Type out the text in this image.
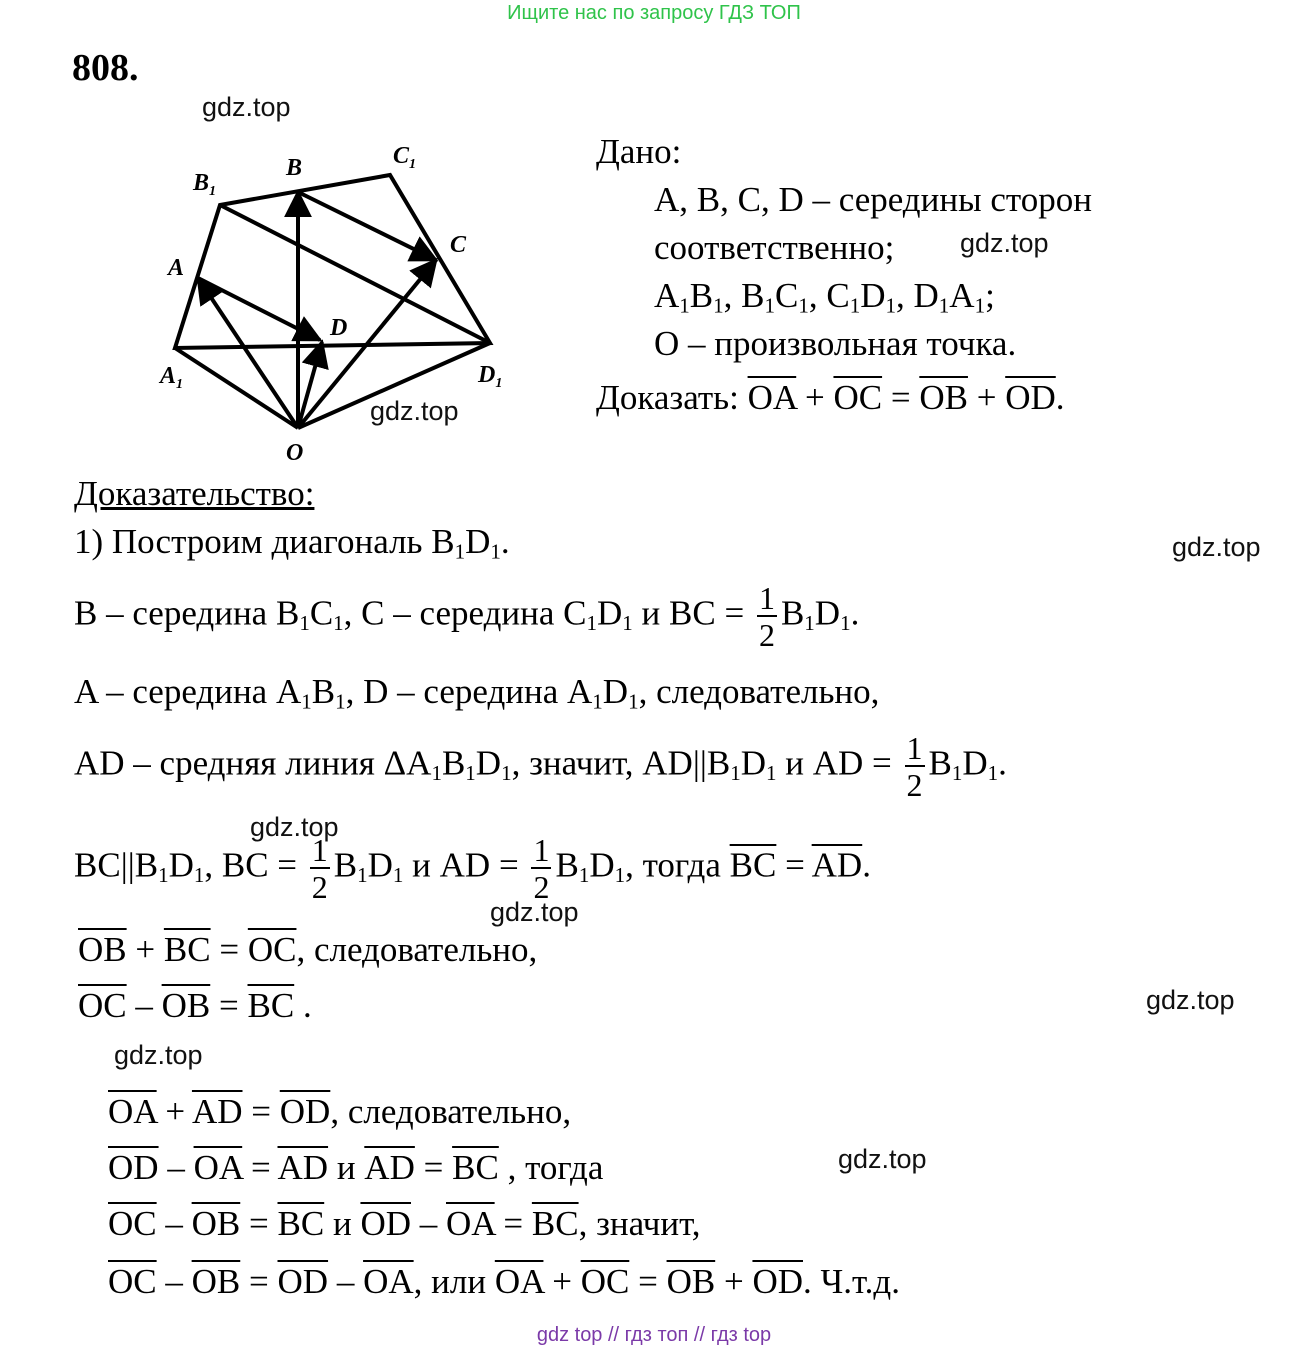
Ищите нас по запросу ГДЗ ТОП
808.
gdz.top
gdz.top
gdz.top
gdz.top
gdz.top
gdz.top
gdz.top
gdz.top
gdz.top
$B_1$
B	$C_1$
C
A
D
$A_1$	$D_1$
O
Дано:
A, B, C, D – середины сторон
соответственно;
$A_1B_1$, $B_1C_1$, $C_1D_1$, $D_1A_1$;
O – произвольная точка.
Доказать: $\overline{OA} + \overline{OC} = \overline{OB} + \overline{OD}$.
Доказательство:
1) Построим диагональ $B_1D_1$.
B – середина $B_1C_1$, C – середина $C_1D_1$ и BC = $\frac{1}{2} B_1D_1$.
A – середина $A_1B_1$, D – середина $A_1D_1$, следовательно,
AD – средняя линия $\Delta A_1B_1D_1$, значит, $AD||B_1D_1$ и AD = $\frac{1}{2} B_1D_1$.
$BC||B_1D_1$, BC = $\frac{1}{2} B_1D_1$ и AD = $\frac{1}{2} B_1D_1$, тогда $\overline{BC} = \overline{AD}$.
$\overline{OB} + \overline{BC} = \overline{OC}$, следовательно,
$\overline{OC} - \overline{OB} = \overline{BC}$ .
$\overline{OA} + \overline{AD} = \overline{OD}$, следовательно,
$\overline{OD} - \overline{OA} = \overline{AD}$ и $\overline{AD} = \overline{BC}$ , тогда
$\overline{OC} - \overline{OB} = \overline{BC}$ и $\overline{OD} - \overline{OA} = \overline{BC}$, значит,
$\overline{OC} - \overline{OB} = \overline{OD} - \overline{OA}$, или $\overline{OA} + \overline{OC} = \overline{OB} + \overline{OD}$. Ч.т.д.
gdz top // гдз топ // гдз top
